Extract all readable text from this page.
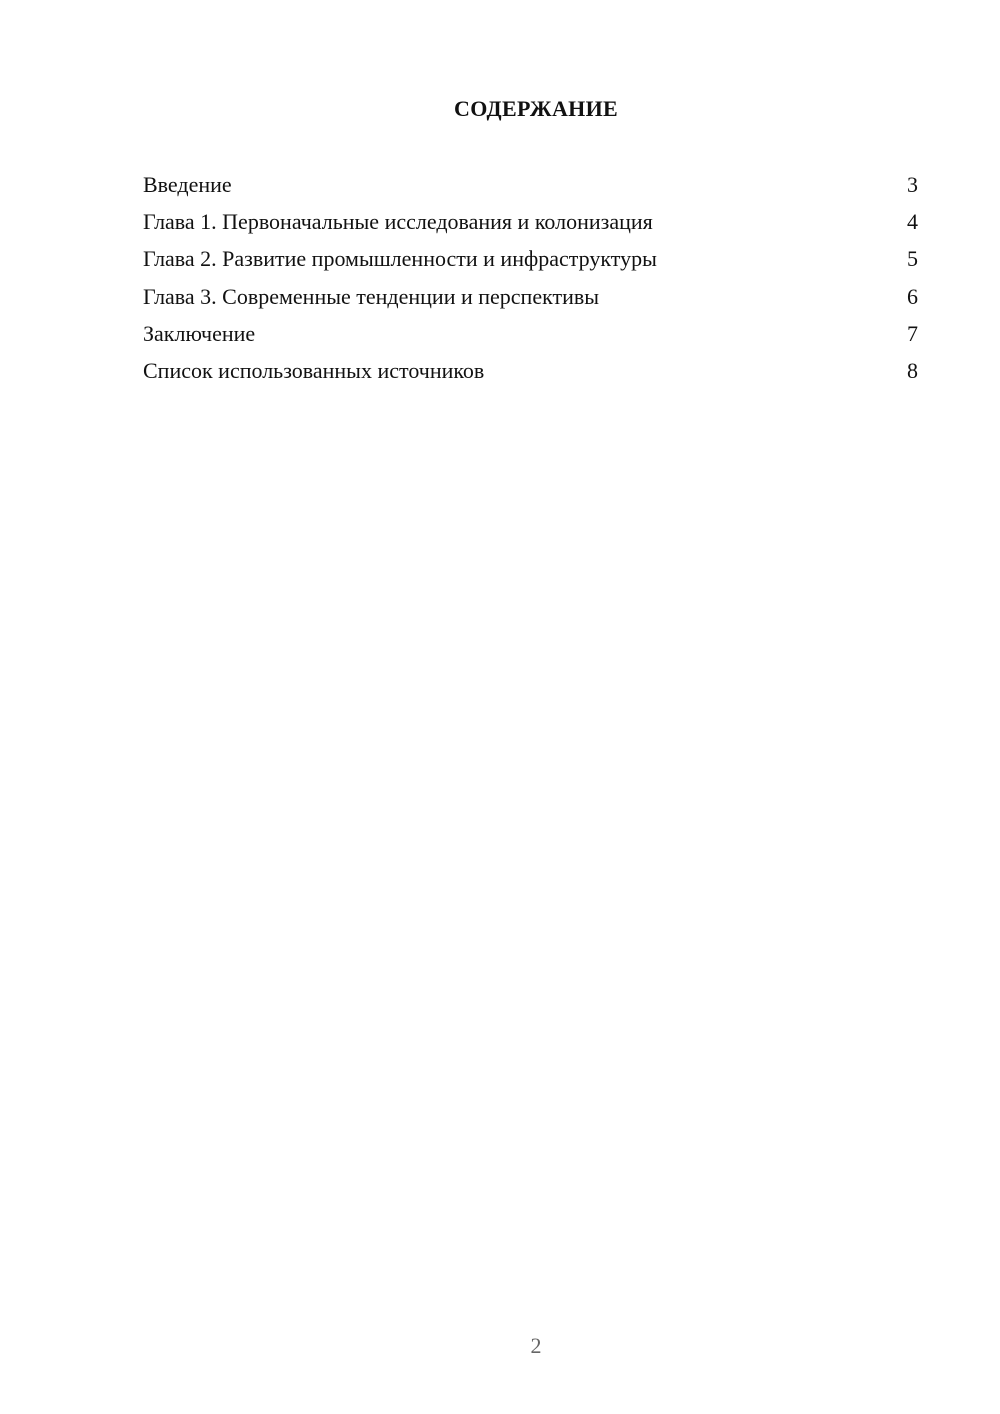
СОДЕРЖАНИЕ
Введение	3
Глава 1. Первоначальные исследования и колонизация	4
Глава 2. Развитие промышленности и инфраструктуры	5
Глава 3. Современные тенденции и перспективы	6
Заключение	7
Список использованных источников	8
2
